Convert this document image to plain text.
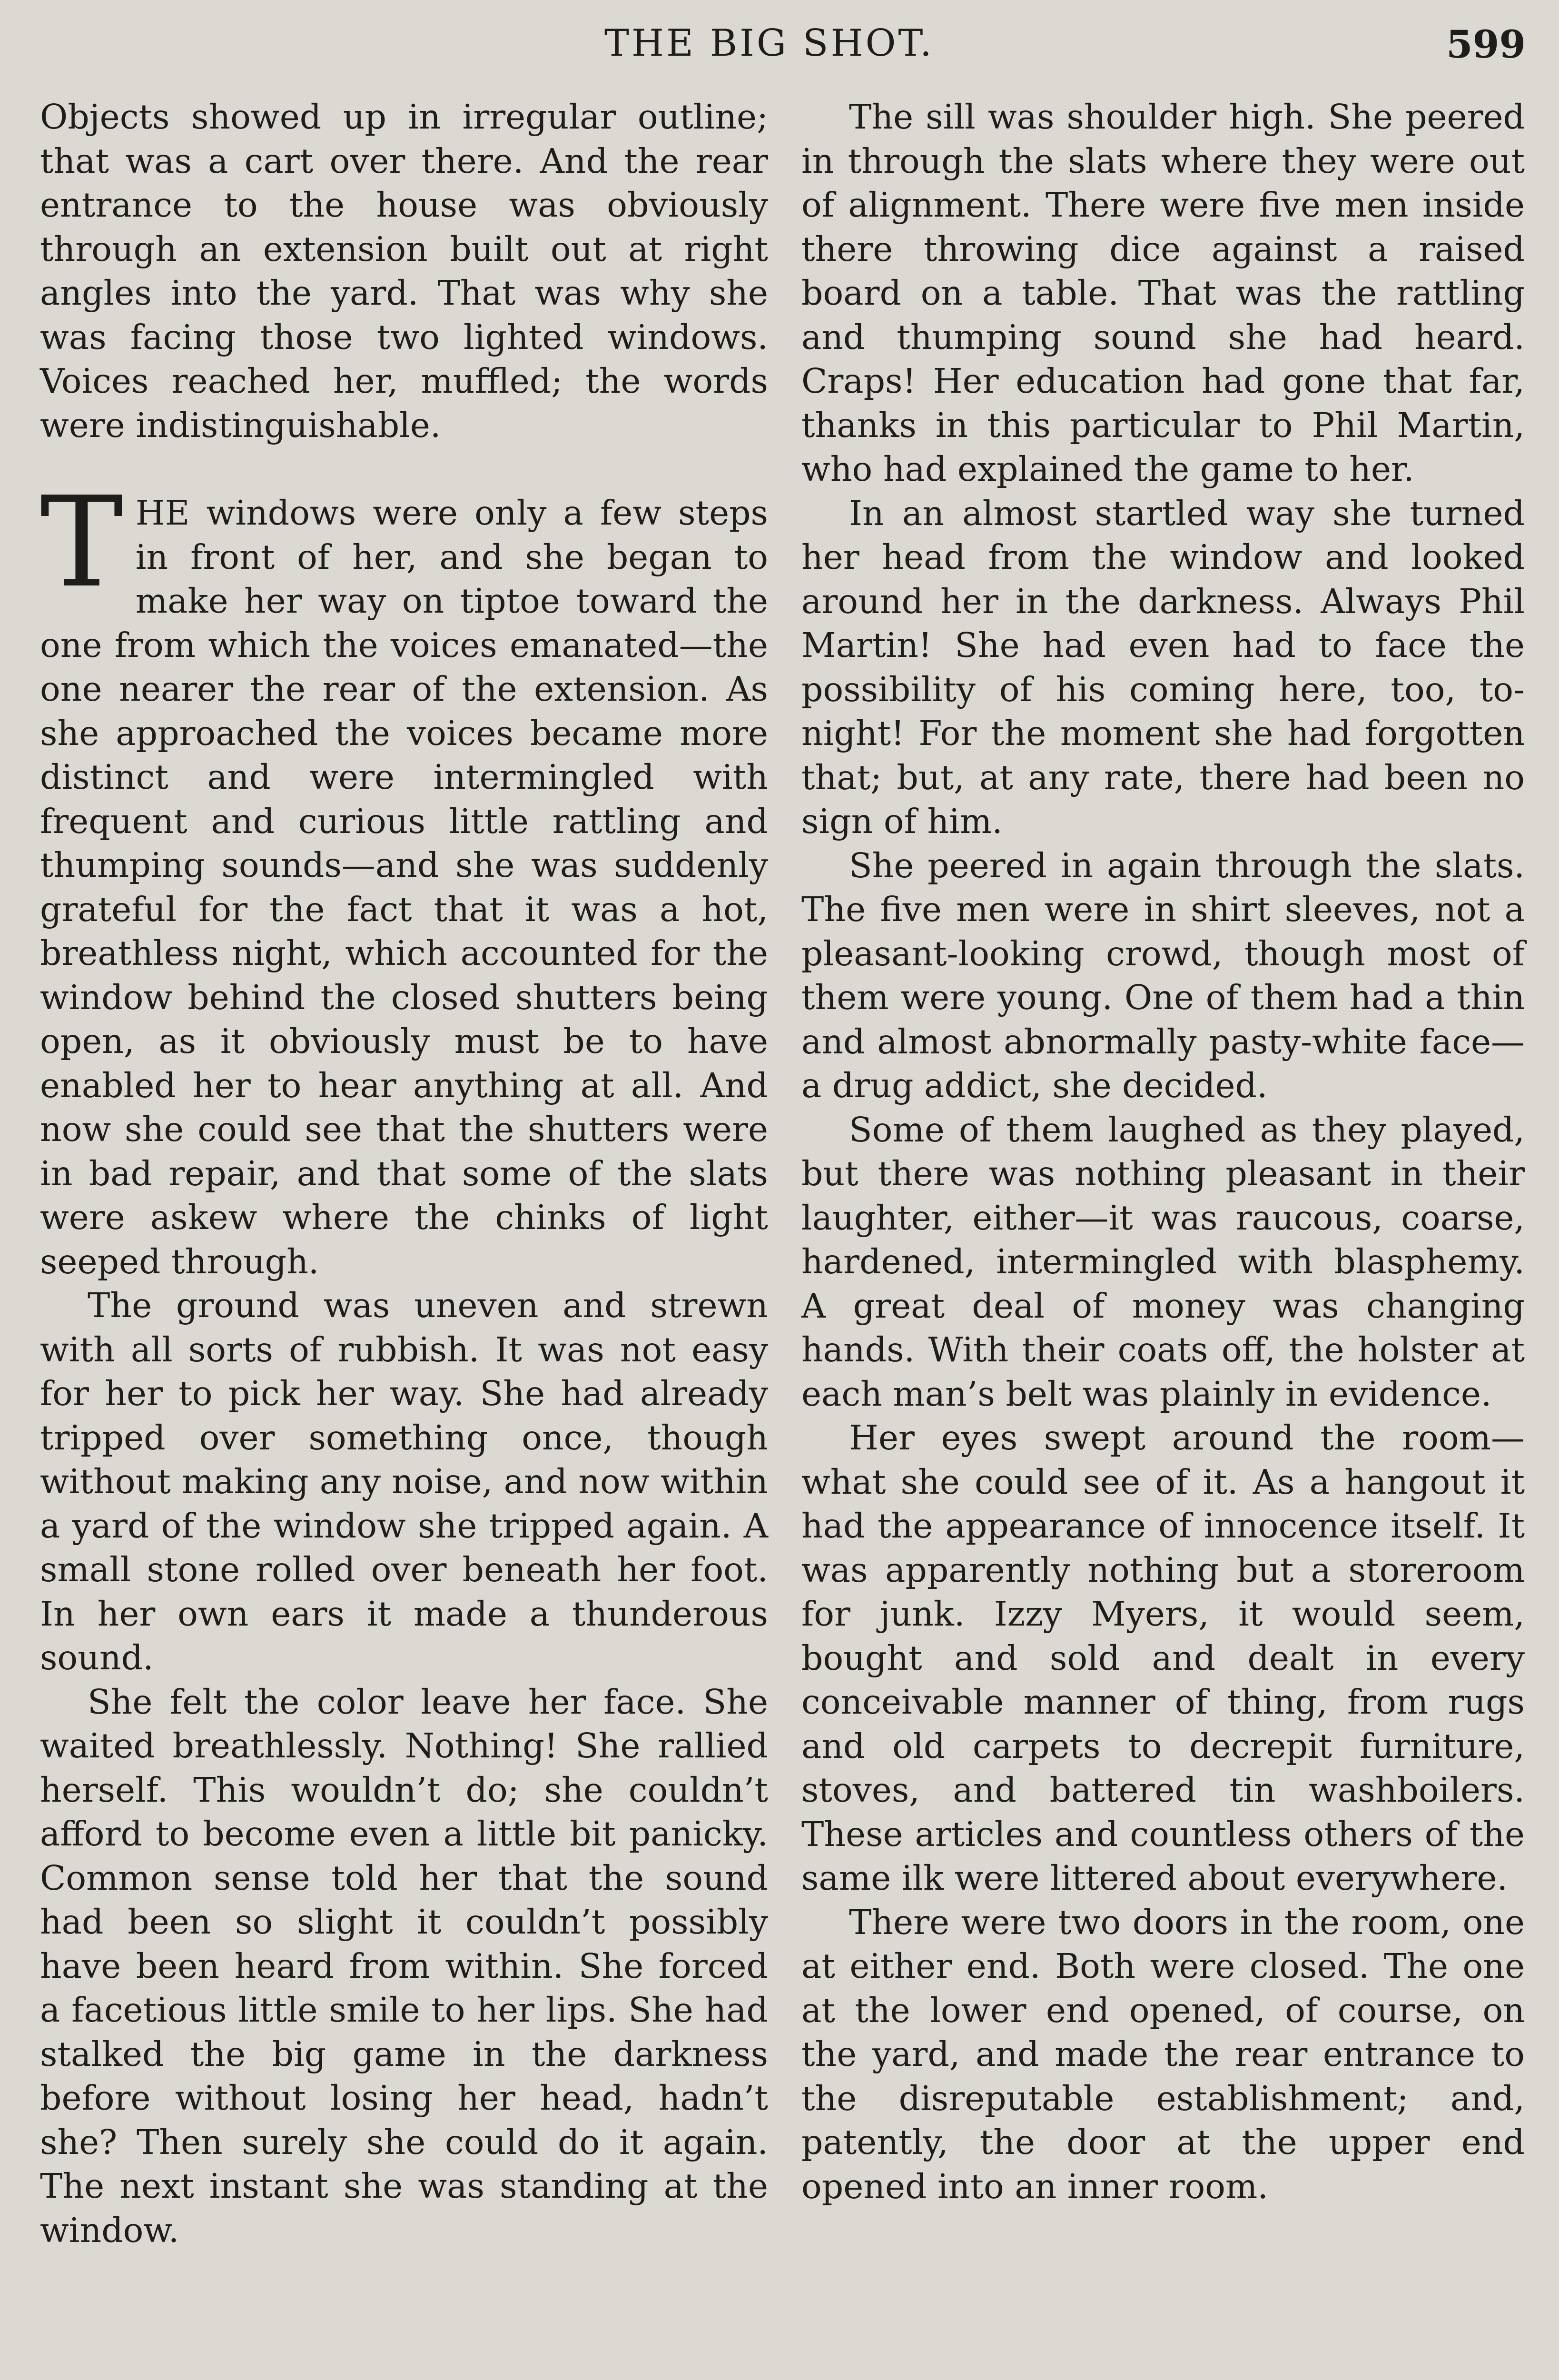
THE BIG SHOT.	599

Objects showed up in irregular outline; that was a cart over there. And the rear entrance to the house was obviously through an extension built out at right angles into the yard. That was why she was facing those two lighted windows. Voices reached her, muffled; the words were indistinguishable.

THE windows were only a few steps in front of her, and she began to make her way on tiptoe toward the one from which the voices emanated—the one nearer the rear of the extension. As she approached the voices became more distinct and were intermingled with frequent and curious little rattling and thumping sounds—and she was suddenly grateful for the fact that it was a hot, breathless night, which accounted for the window behind the closed shutters being open, as it obviously must be to have enabled her to hear anything at all. And now she could see that the shutters were in bad repair, and that some of the slats were askew where the chinks of light seeped through.

The ground was uneven and strewn with all sorts of rubbish. It was not easy for her to pick her way. She had already tripped over something once, though without making any noise, and now within a yard of the window she tripped again. A small stone rolled over beneath her foot. In her own ears it made a thunderous sound.

She felt the color leave her face. She waited breathlessly. Nothing! She rallied herself. This wouldn’t do; she couldn’t afford to become even a little bit panicky. Common sense told her that the sound had been so slight it couldn’t possibly have been heard from within. She forced a facetious little smile to her lips. She had stalked the big game in the darkness before without losing her head, hadn’t she? Then surely she could do it again. The next instant she was standing at the window.

The sill was shoulder high. She peered in through the slats where they were out of alignment. There were five men inside there throwing dice against a raised board on a table. That was the rattling and thumping sound she had heard. Craps! Her education had gone that far, thanks in this particular to Phil Martin, who had explained the game to her.

In an almost startled way she turned her head from the window and looked around her in the darkness. Always Phil Martin! She had even had to face the possibility of his coming here, too, to-night! For the moment she had forgotten that; but, at any rate, there had been no sign of him.

She peered in again through the slats. The five men were in shirt sleeves, not a pleasant-looking crowd, though most of them were young. One of them had a thin and almost abnormally pasty-white face—a drug addict, she decided.

Some of them laughed as they played, but there was nothing pleasant in their laughter, either—it was raucous, coarse, hardened, intermingled with blasphemy. A great deal of money was changing hands. With their coats off, the holster at each man’s belt was plainly in evidence.

Her eyes swept around the room—what she could see of it. As a hangout it had the appearance of innocence itself. It was apparently nothing but a storeroom for junk. Izzy Myers, it would seem, bought and sold and dealt in every conceivable manner of thing, from rugs and old carpets to decrepit furniture, stoves, and battered tin washboilers. These articles and countless others of the same ilk were littered about everywhere.

There were two doors in the room, one at either end. Both were closed. The one at the lower end opened, of course, on the yard, and made the rear entrance to the disreputable establishment; and, patently, the door at the upper end opened into an inner room.
